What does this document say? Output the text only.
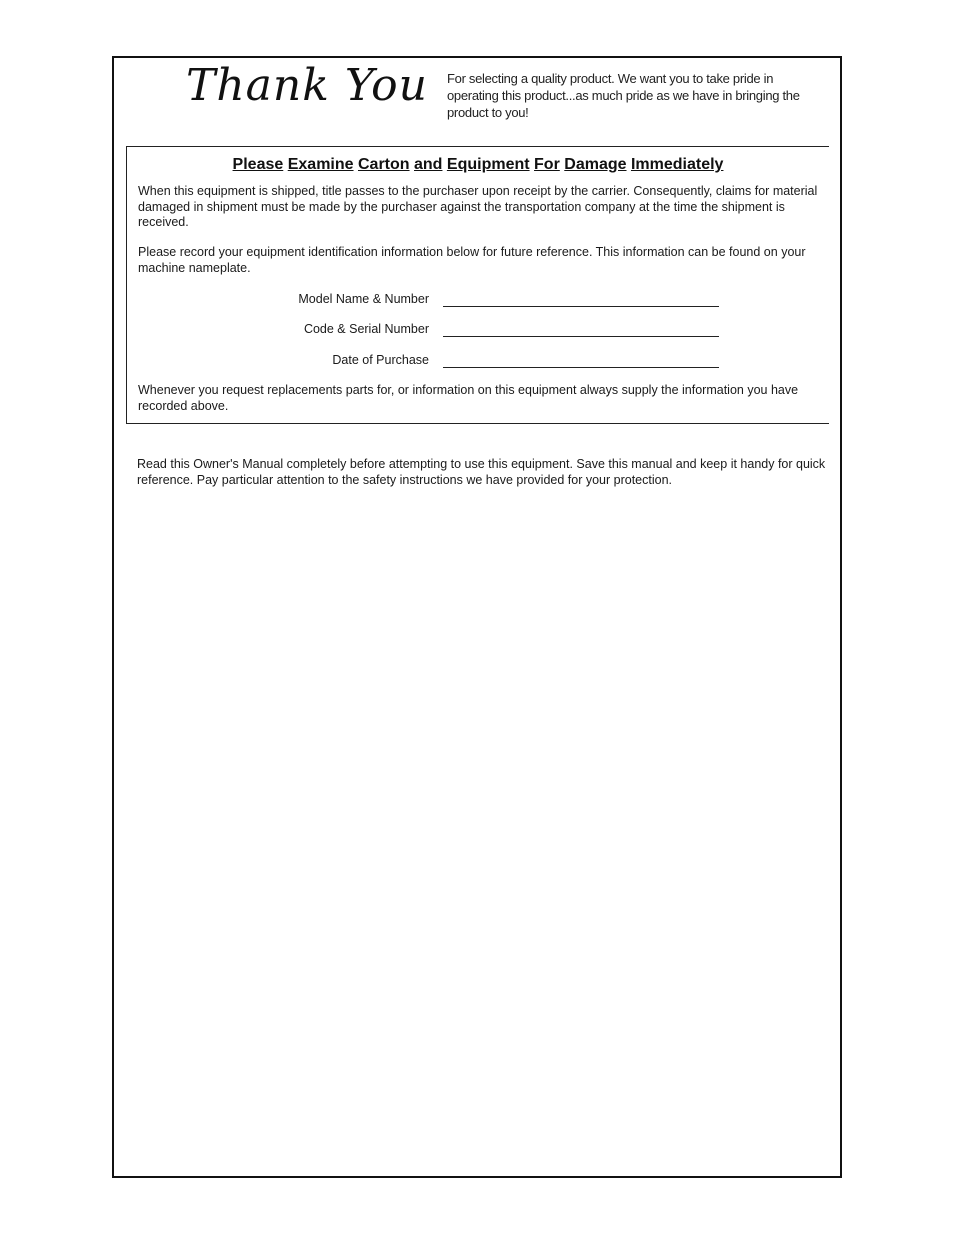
Thank You For selecting a quality product. We want you to take pride in operating this product...as much pride as we have in bringing the product to you!
Please Examine Carton and Equipment For Damage Immediately
When this equipment is shipped, title passes to the purchaser upon receipt by the carrier. Consequently, claims for material damaged in shipment must be made by the purchaser against the transportation company at the time the shipment is received.
Please record your equipment identification information below for future reference. This information can be found on your machine nameplate.
Model Name & Number
Code & Serial Number
Date of Purchase
Whenever you request replacements parts for, or information on this equipment always supply the information you have recorded above.
Read this Owner's Manual completely before attempting to use this equipment. Save this manual and keep it handy for quick reference. Pay particular attention to the safety instructions we have provided for your protection.
